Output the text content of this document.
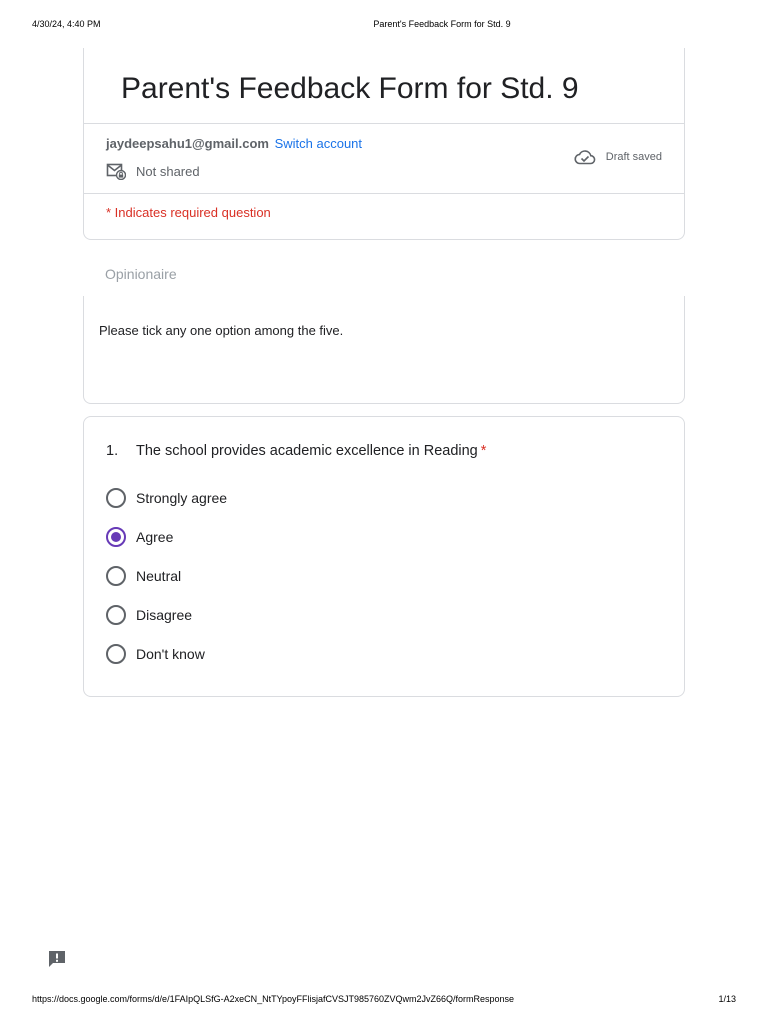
4/30/24, 4:40 PM	Parent's Feedback Form for Std. 9
Parent's Feedback Form for Std. 9
jaydeepsahu1@gmail.com Switch account
Not shared
Draft saved
* Indicates required question
Opinionaire
Please tick any one option among the five.
1. The school provides academic excellence in Reading *
Strongly agree
Agree
Neutral
Disagree
Don't know
https://docs.google.com/forms/d/e/1FAIpQLSfG-A2xeCN_NtTYpoyFFlisjafCVSJT985760ZVQwm2JvZ66Q/formResponse	1/13
